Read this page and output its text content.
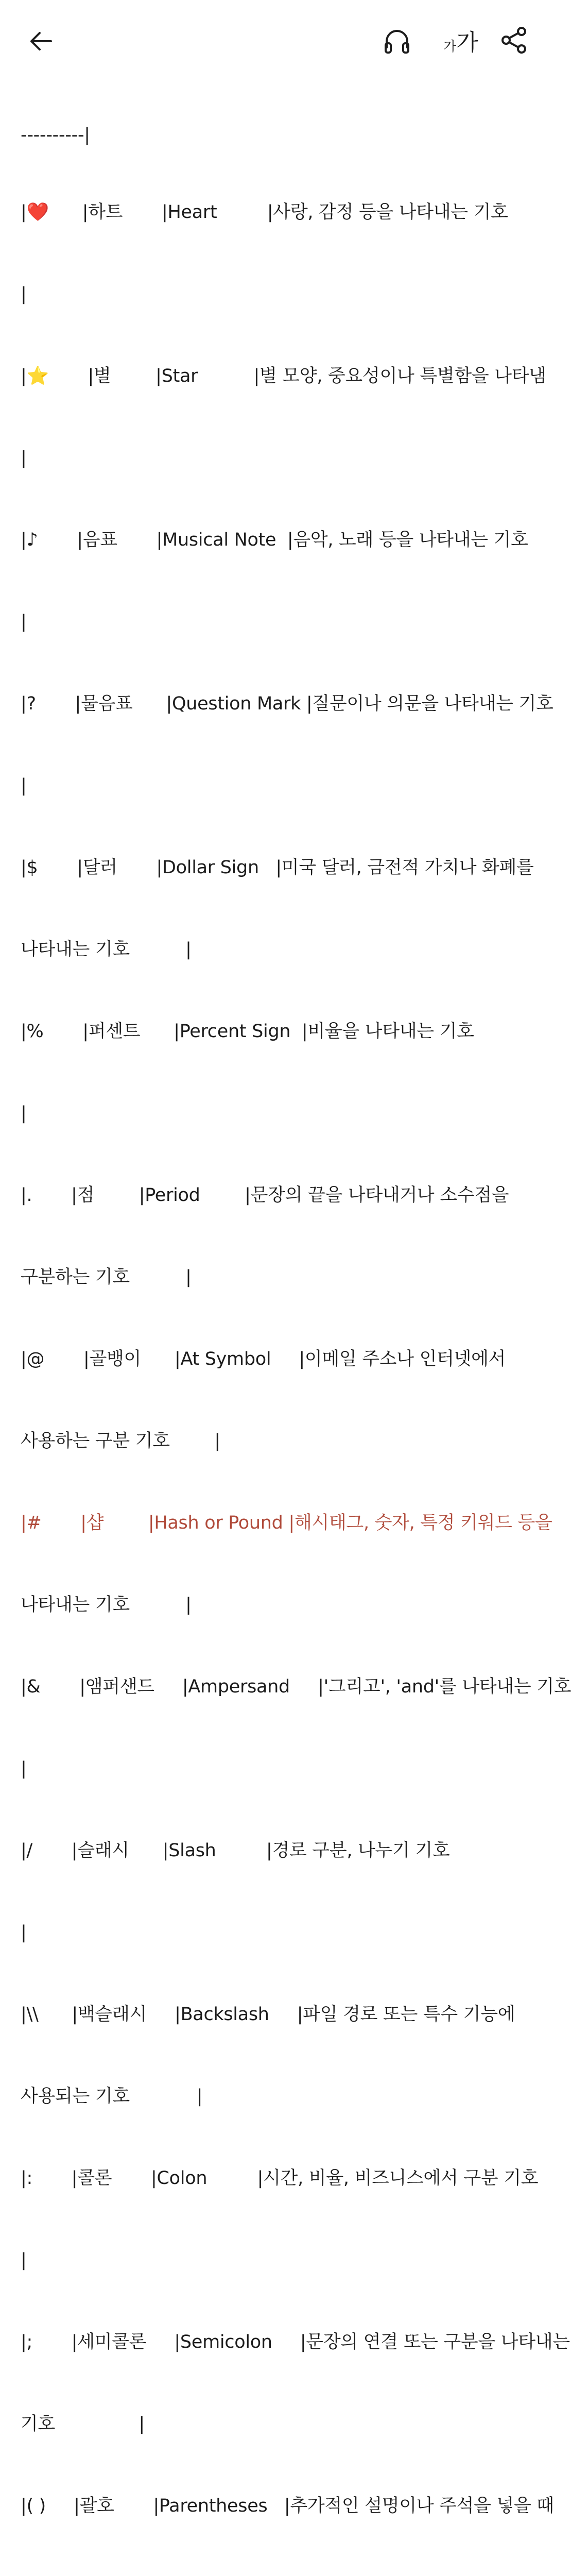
가 가

----------|

|❤️      |하트       |Heart         |사랑, 감정 등을 나타내는 기호

|

|⭐       |별        |Star          |별 모양, 중요성이나 특별함을 나타냄

|

|♪       |음표       |Musical Note  |음악, 노래 등을 나타내는 기호

|

|?       |물음표      |Question Mark |질문이나 의문을 나타내는 기호

|

|$       |달러       |Dollar Sign   |미국 달러, 금전적 가치나 화폐를

나타내는 기호          |

|%       |퍼센트      |Percent Sign  |비율을 나타내는 기호

|

|.       |점        |Period        |문장의 끝을 나타내거나 소수점을

구분하는 기호          |

|@       |골뱅이      |At Symbol     |이메일 주소나 인터넷에서

사용하는 구분 기호        |

|#       |샵        |Hash or Pound |해시태그, 숫자, 특정 키워드 등을

나타내는 기호          |

|&       |앰퍼샌드     |Ampersand     |'그리고', 'and'를 나타내는 기호

|

|/       |슬래시      |Slash         |경로 구분, 나누기 기호

|

|\\      |백슬래시     |Backslash     |파일 경로 또는 특수 기능에

사용되는 기호            |

|:       |콜론       |Colon         |시간, 비율, 비즈니스에서 구분 기호

|

|;       |세미콜론     |Semicolon     |문장의 연결 또는 구분을 나타내는

기호               |

|( )     |괄호       |Parentheses   |추가적인 설명이나 주석을 넣을 때
